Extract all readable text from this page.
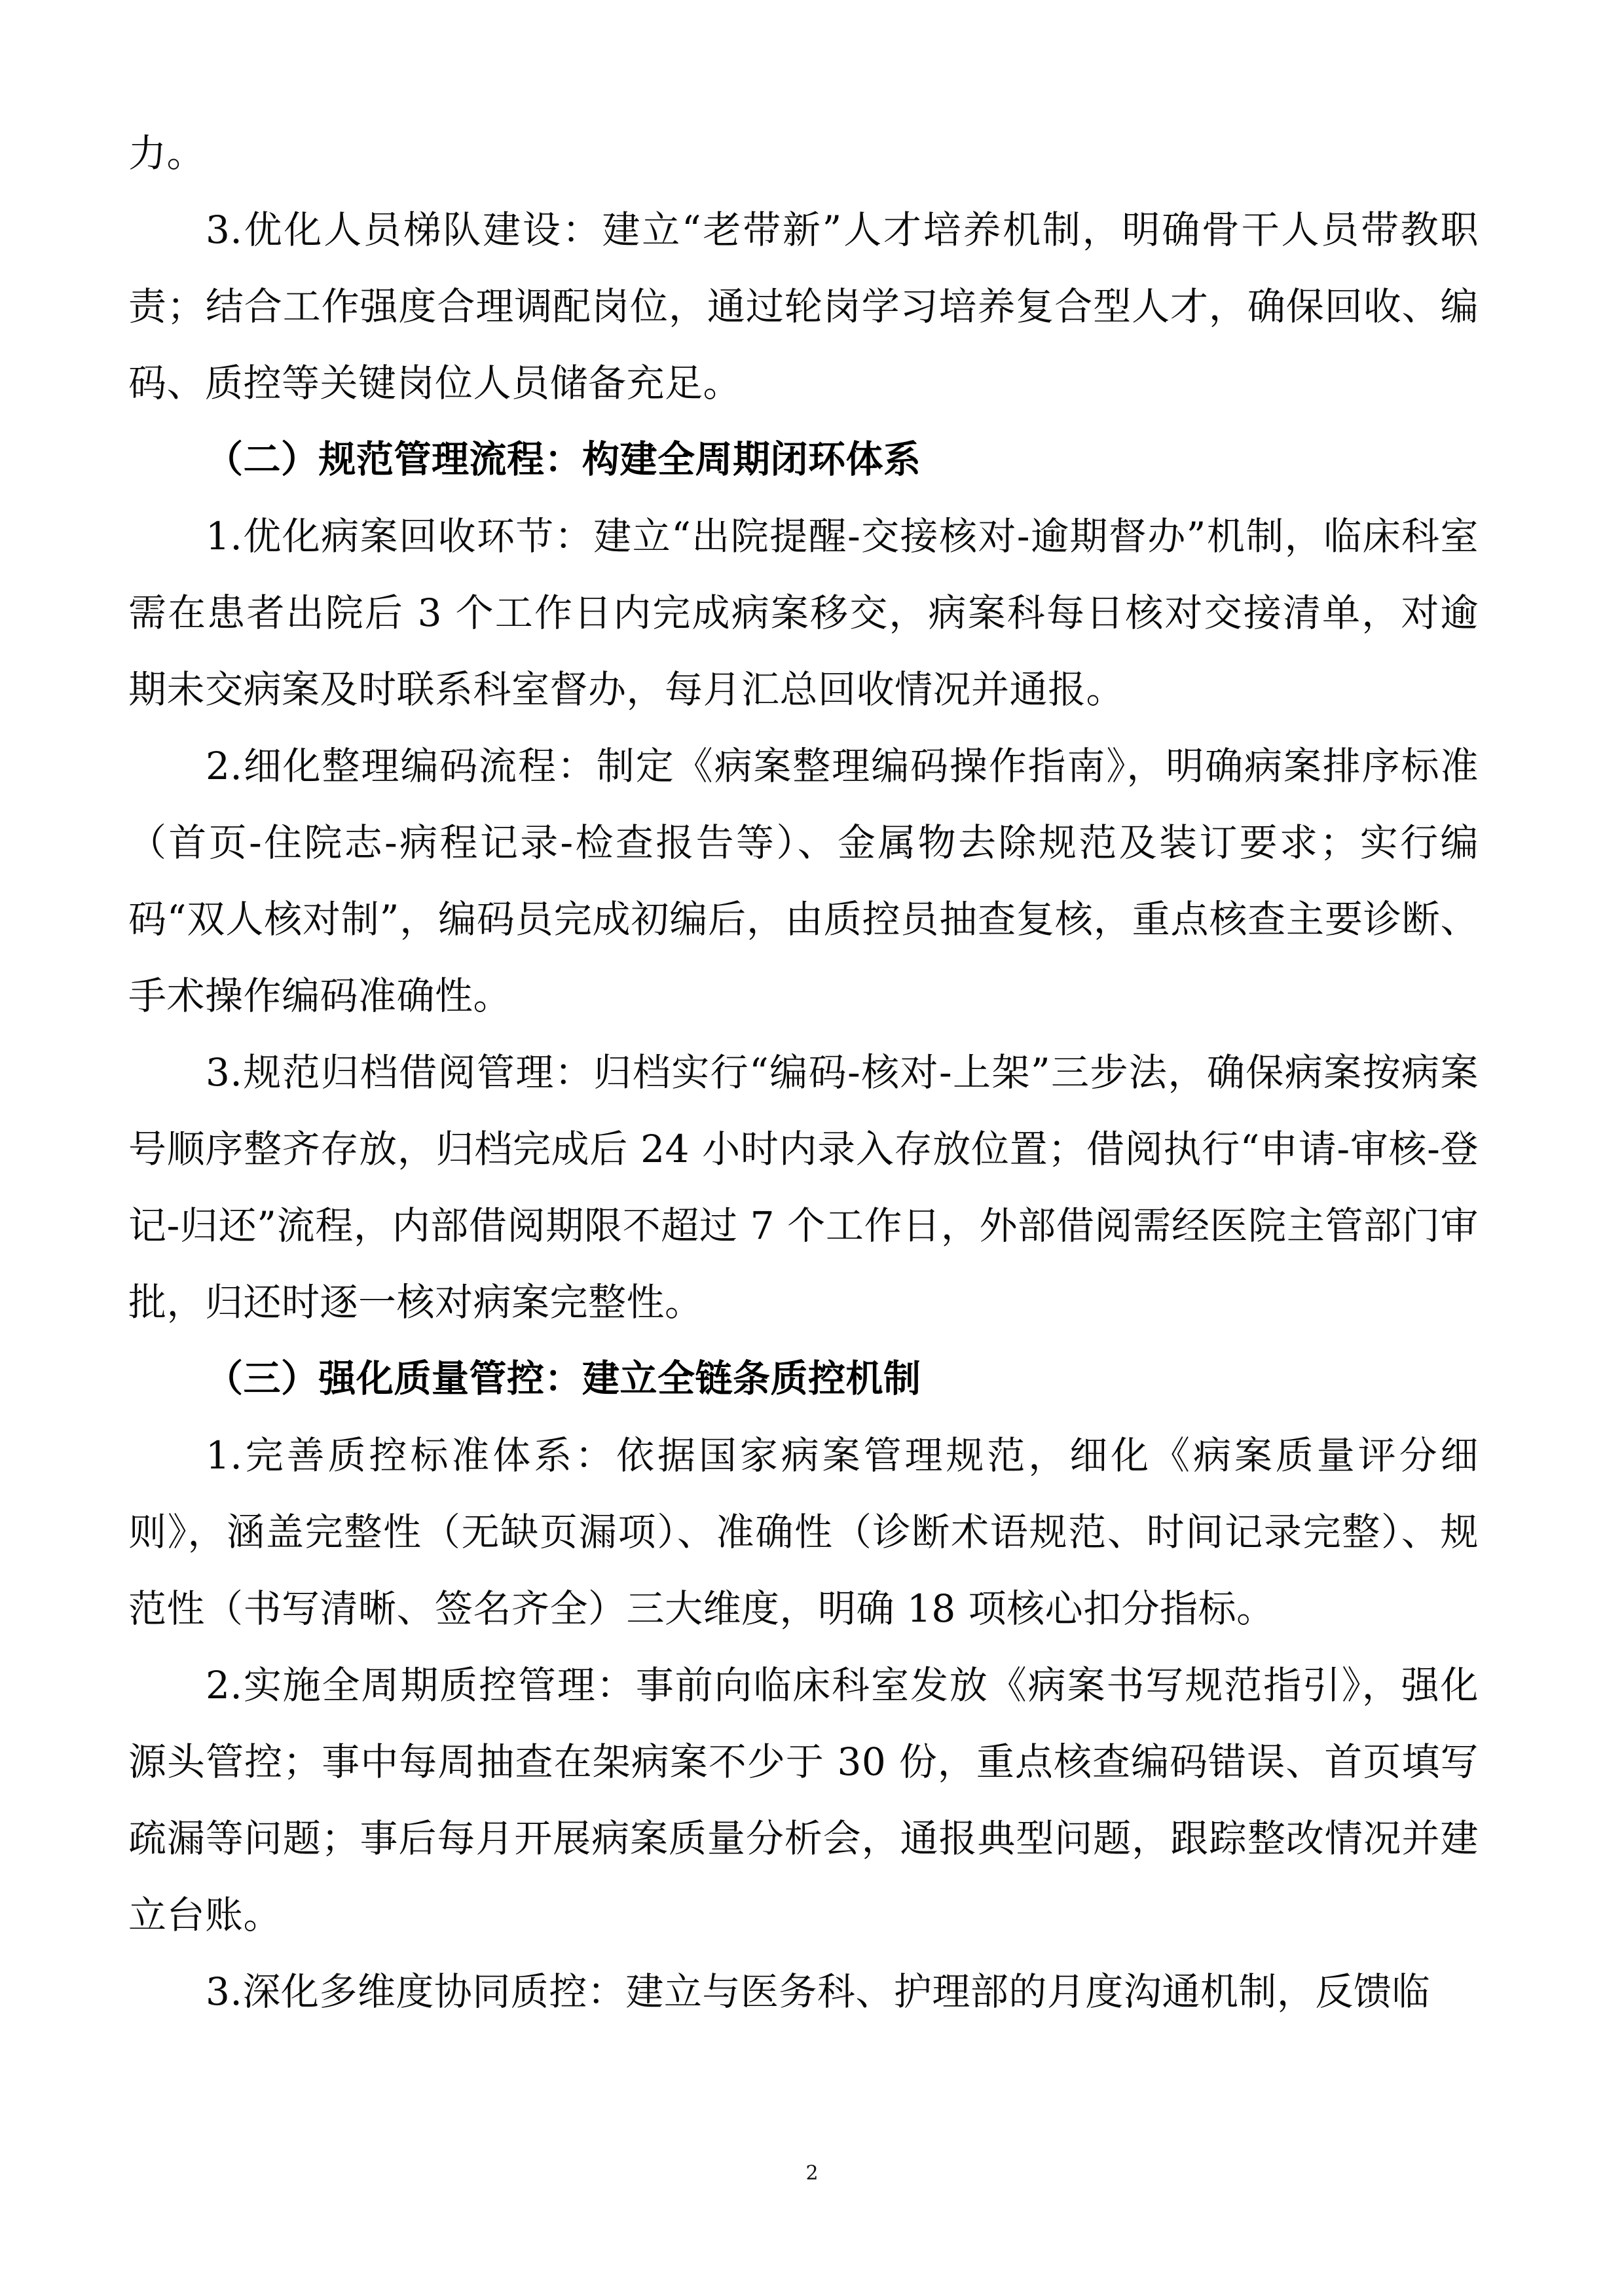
力。

3.优化人员梯队建设：建立“老带新”人才培养机制，明确骨干人员带教职责；结合工作强度合理调配岗位，通过轮岗学习培养复合型人才，确保回收、编码、质控等关键岗位人员储备充足。

（二）规范管理流程：构建全周期闭环体系

1.优化病案回收环节：建立“出院提醒-交接核对-逾期督办”机制，临床科室需在患者出院后 3 个工作日内完成病案移交，病案科每日核对交接清单，对逾期未交病案及时联系科室督办，每月汇总回收情况并通报。

2.细化整理编码流程：制定《病案整理编码操作指南》，明确病案排序标准（首页-住院志-病程记录-检查报告等）、金属物去除规范及装订要求；实行编码“双人核对制”，编码员完成初编后，由质控员抽查复核，重点核查主要诊断、手术操作编码准确性。

3.规范归档借阅管理：归档实行“编码-核对-上架”三步法，确保病案按病案号顺序整齐存放，归档完成后 24 小时内录入存放位置；借阅执行“申请-审核-登记-归还”流程，内部借阅期限不超过 7 个工作日，外部借阅需经医院主管部门审批，归还时逐一核对病案完整性。

（三）强化质量管控：建立全链条质控机制

1.完善质控标准体系：依据国家病案管理规范，细化《病案质量评分细则》，涵盖完整性（无缺页漏项）、准确性（诊断术语规范、时间记录完整）、规范性（书写清晰、签名齐全）三大维度，明确 18 项核心扣分指标。

2.实施全周期质控管理：事前向临床科室发放《病案书写规范指引》，强化源头管控；事中每周抽查在架病案不少于 30 份，重点核查编码错误、首页填写疏漏等问题；事后每月开展病案质量分析会，通报典型问题，跟踪整改情况并建立台账。

3.深化多维度协同质控：建立与医务科、护理部的月度沟通机制，反馈临

2
